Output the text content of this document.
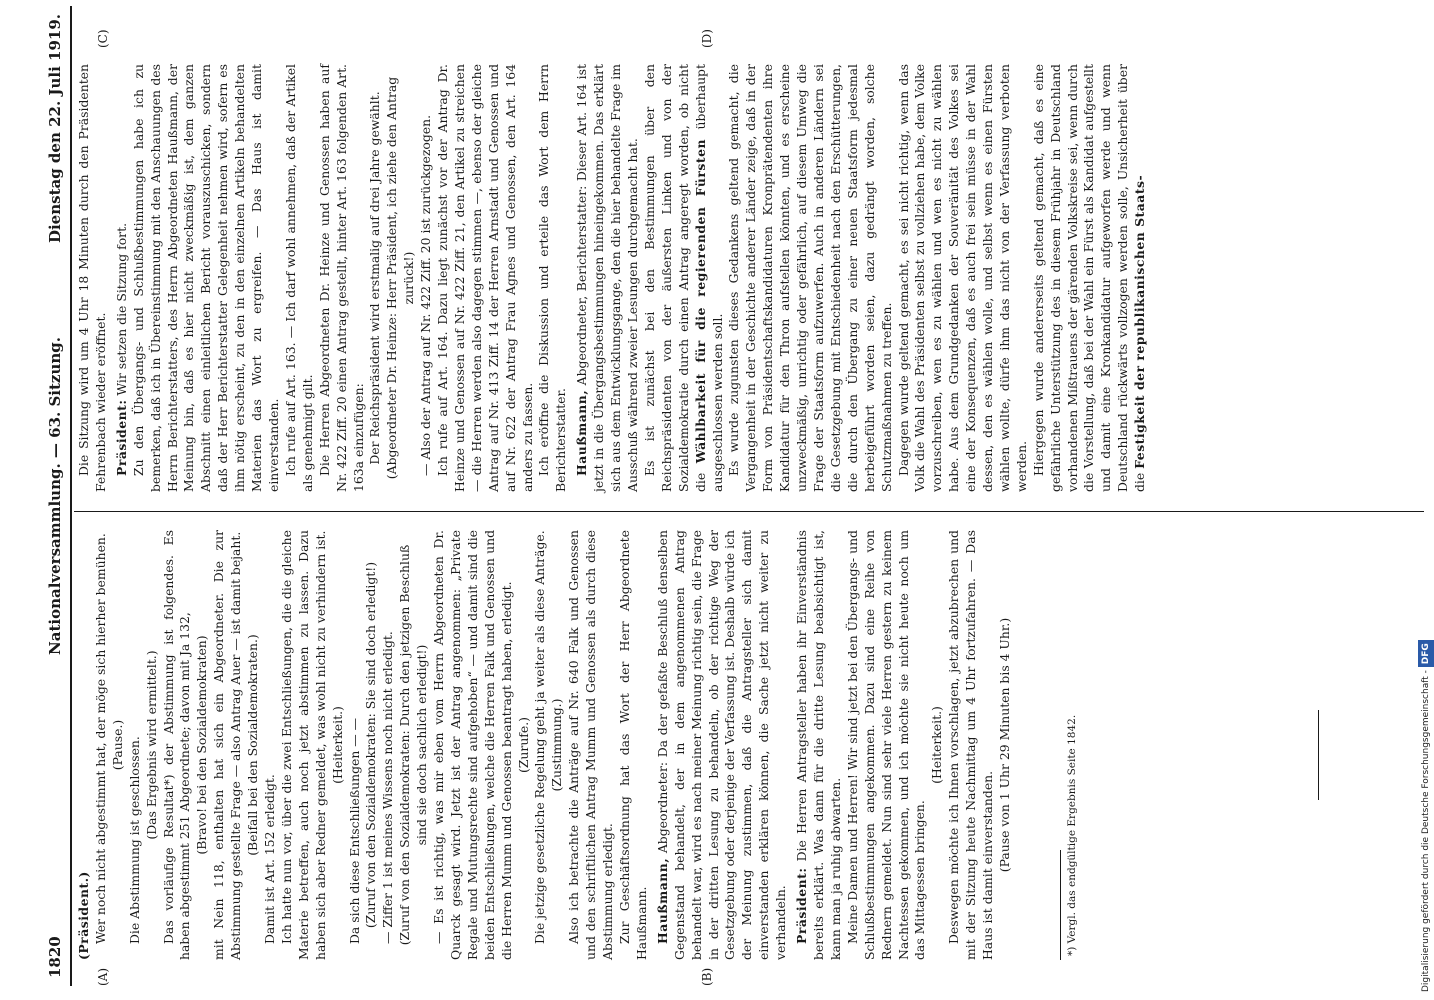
1820
Nationalversammlung. — 63. Sitzung.
Dienstag den 22. Juli 1919.
(A)	(B)
(C)	(D)

(Präsident.) Wer noch nicht abgestimmt hat, der möge sich hierher bemühen. (Pause.) Die Abstimmung ist geschlossen. (Das Ergebnis wird ermittelt.) Das vorläufige Resultat*) der Abstimmung ist folgendes. Es haben abgestimmt 251 Abgeordnete; davon mit Ja 132, (Bravo! bei den Sozialdemokraten) mit Nein 118, enthalten hat sich ein Abgeordneter. Die zur Abstimmung gestellte Frage — also Antrag Auer — ist damit bejaht. (Beifall bei den Sozialdemokraten.)

Damit ist Art. 152 erledigt. Ich hatte nun vor, über die zwei Entschließungen, die die gleiche Materie betreffen, auch noch jetzt abstimmen zu lassen. Dazu haben sich aber Redner gemeldet, was wohl nicht zu verhindern ist. (Heiterkeit.) Da sich diese Entschließungen — — (Zuruf von den Sozialdemokraten: Sie sind doch erledigt!) — Ziffer 1 ist meines Wissens noch nicht erledigt. (Zuruf von den Sozialdemokraten: Durch den jetzigen Beschluß sind sie doch sachlich erledigt!) — Es ist richtig, was mir eben vom Herrn Abgeordneten Dr. Quarck gesagt wird. Jetzt ist der Antrag angenommen: „Private Regale und Mutungsrechte sind aufgehoben“ — und damit sind die beiden Entschließungen, welche die Herren Falk und Genossen und die Herren Mumm und Genossen beantragt haben, erledigt. (Zurufe.) Die jetzige gesetzliche Regelung geht ja weiter als diese Anträge. (Zustimmung.) Also ich betrachte die Anträge auf Nr. 640 Falk und Genossen und den schriftlichen Antrag Mumm und Genossen als durch diese Abstimmung erledigt. Zur Geschäftsordnung hat das Wort der Herr Abgeordnete Haußmann. Haußmann, Abgeordneter: Da der gefaßte Beschluß denselben Gegenstand behandelt, der in dem angenommenen Antrag behandelt war, wird es nach meiner Meinung richtig sein, die Frage in der dritten Lesung zu behandeln, ob der richtige Weg der Gesetzgebung oder derjenige der Verfassung ist. Deshalb würde ich der Meinung zustimmen, daß die Antragsteller sich damit einverstanden erklären können, die Sache jetzt nicht weiter zu verhandeln. Präsident: Die Herren Antragsteller haben ihr Einverständnis bereits erklärt. Was dann für die dritte Lesung beabsichtigt ist, kann man ja ruhig abwarten. Meine Damen und Herren! Wir sind jetzt bei den Übergangs- und Schlußbestimmungen angekommen. Dazu sind eine Reihe von Rednern gemeldet. Nun sind sehr viele Herren gestern zu keinem Nachtessen gekommen, und ich möchte sie nicht heute noch um das Mittagessen bringen.

(Heiterkeit.) Deswegen möchte ich Ihnen vorschlagen, jetzt abzubrechen und mit der Sitzung heute Nachmittag um 4 Uhr fortzufahren. — Das Haus ist damit einverstanden. (Pause von 1 Uhr 29 Minuten bis 4 Uhr.)	*) Vergl. das endgültige Ergebnis Seite 1842.

Die Sitzung wird um 4 Uhr 18 Minuten durch den Präsidenten Fehrenbach wieder eröffnet. Präsident: Wir setzen die Sitzung fort. Zu den Übergangs- und Schlußbestimmungen habe ich zu bemerken, daß ich in Übereinstimmung mit den Anschauungen des Herrn Berichterstatters, des Herrn Abgeordneten Haußmann, der Meinung bin, daß es hier nicht zweckmäßig ist, dem ganzen Abschnitt einen einleitlichen Bericht vorauszuschicken, sondern daß der Herr Berichterstatter Gelegenheit nehmen wird, sofern es ihm nötig erscheint, zu den in den einzelnen Artikeln behandelten Materien das Wort zu ergreifen. — Das Haus ist damit einverstanden. Ich rufe auf Art. 163. — Ich darf wohl annehmen, daß der Artikel als genehmigt gilt. Die Herren Abgeordneten Dr. Heinze und Genossen haben auf Nr. 422 Ziff. 20 einen Antrag gestellt, hinter Art. 163 folgenden Art. 163a einzufügen: Der Reichspräsident wird erstmalig auf drei Jahre gewählt. (Abgeordneter Dr. Heinze: Herr Präsident, ich ziehe den Antrag zurück!) — Also der Antrag auf Nr. 422 Ziff. 20 ist zurückgezogen. Ich rufe auf Art. 164. Dazu liegt zunächst vor der Antrag Dr. Heinze und Genossen auf Nr. 422 Ziff. 21, den Artikel zu streichen — die Herren werden also dagegen stimmen —, ebenso der gleiche Antrag auf Nr. 413 Ziff. 14 der Herren Arnstadt und Genossen und auf Nr. 622 der Antrag Frau Agnes und Genossen, den Art. 164 anders zu fassen. Ich eröffne die Diskussion und erteile das Wort dem Herrn Berichterstatter. Haußmann, Abgeordneter, Berichterstatter: Dieser Art. 164 ist jetzt in die Übergangsbestimmungen hineingekommen. Das erklärt sich aus dem Entwicklungsgange, den die hier behandelte Frage im Ausschuß während zweier Lesungen durchgemacht hat. Es ist zunächst bei den Bestimmungen über den Reichspräsidenten von der äußersten Linken und von der Sozialdemokratie durch einen Antrag angeregt worden, ob nicht die Wählbarkeit für die regierenden Fürsten überhaupt ausgeschlossen werden soll. Es wurde zugunsten dieses Gedankens geltend gemacht, die Vergangenheit in der Geschichte anderer Länder zeige, daß in der Form von Präsidentschaftskandidaturen Kronprätendenten ihre Kandidatur für den Thron aufstellen könnten, und es erscheine unzweckmäßig, unrichtig oder gefährlich, auf diesem Umweg die Frage der Staatsform aufzuwerfen. Auch in anderen Ländern sei die Gesetzgebung mit Entschiedenheit nach den Erschütterungen, die durch den Übergang zu einer neuen Staatsform jedesmal herbeigeführt worden seien, dazu gedrängt worden, solche Schutzmaßnahmen zu treffen. Dagegen wurde geltend gemacht, es sei nicht richtig, wenn das Volk die Wahl des Präsidenten selbst zu vollziehen habe, dem Volke vorzuschreiben, wen es zu wählen und wen es nicht zu wählen habe. Aus dem Grundgedanken der Souveränität des Volkes sei eine der Konsequenzen, daß es auch frei sein müsse in der Wahl dessen, den es wählen wolle, und selbst wenn es einen Fürsten wählen wollte, dürfe ihm das nicht von der Verfassung verboten werden. Hiergegen wurde andererseits geltend gemacht, daß es eine gefährliche Unterstützung des in diesem Frühjahr in Deutschland vorhandenen Mißtrauens der gärenden Volkskreise sei, wenn durch die Vorstellung, daß bei der Wahl ein Fürst als Kandidat aufgestellt und damit eine Kronkandidatur aufgeworfen werde und wenn Deutschland rückwärts vollzogen werden solle, Unsicherheit über die Festigkeit der republikanischen Staats-

Digitalisierung gefördert durch die Deutsche Forschungsgemeinschaft - DFG
